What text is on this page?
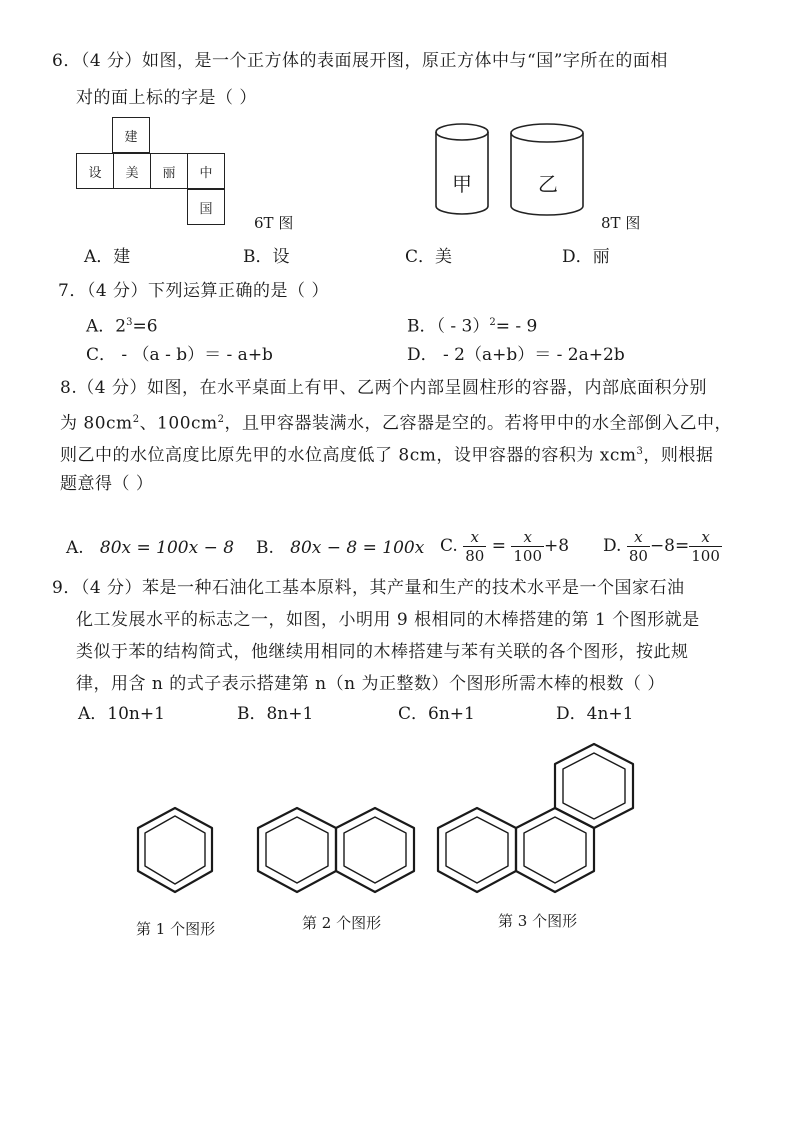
6．（4 分）如图，是一个正方体的表面展开图，原正方体中与“国”字所在的面相
对的面上标的字是（ ）
建
设	美	丽	中
国
6T 图
甲	乙
8T 图
A．建	B．设	C．美	D．丽
7．（4 分）下列运算正确的是（ ）
A．$2^3=6$	B．（ - 3）$^2$= - 9
C． - （a - b）＝ - a+b	D． - 2（a+b）＝ - 2a+2b
8.（4 分）如图，在水平桌面上有甲、乙两个内部呈圆柱形的容器，内部底面积分别
为 $80cm^2$、$100cm^2$，且甲容器装满水，乙容器是空的。若将甲中的水全部倒入乙中，
则乙中的水位高度比原先甲的水位高度低了 8cm，设甲容器的容积为 xcm$^3$，则根据
题意得（ ）
A. 80x = 100x − 8 B. 80x − 8 = 100x C. $\frac{x}{80} = \frac{x}{100} +8$ D. $\frac{x}{80} -8= \frac{x}{100}$
9．（4 分）苯是一种石油化工基本原料，其产量和生产的技术水平是一个国家石油
化工发展水平的标志之一，如图，小明用 9 根相同的木棒搭建的第 1 个图形就是
类似于苯的结构简式，他继续用相同的木棒搭建与苯有关联的各个图形，按此规
律，用含 n 的式子表示搭建第 n（n 为正整数）个图形所需木棒的根数（ ）
A．10n+1	B．8n+1	C．6n+1	D．4n+1
第 1 个图形	第 2 个图形	第 3 个图形
